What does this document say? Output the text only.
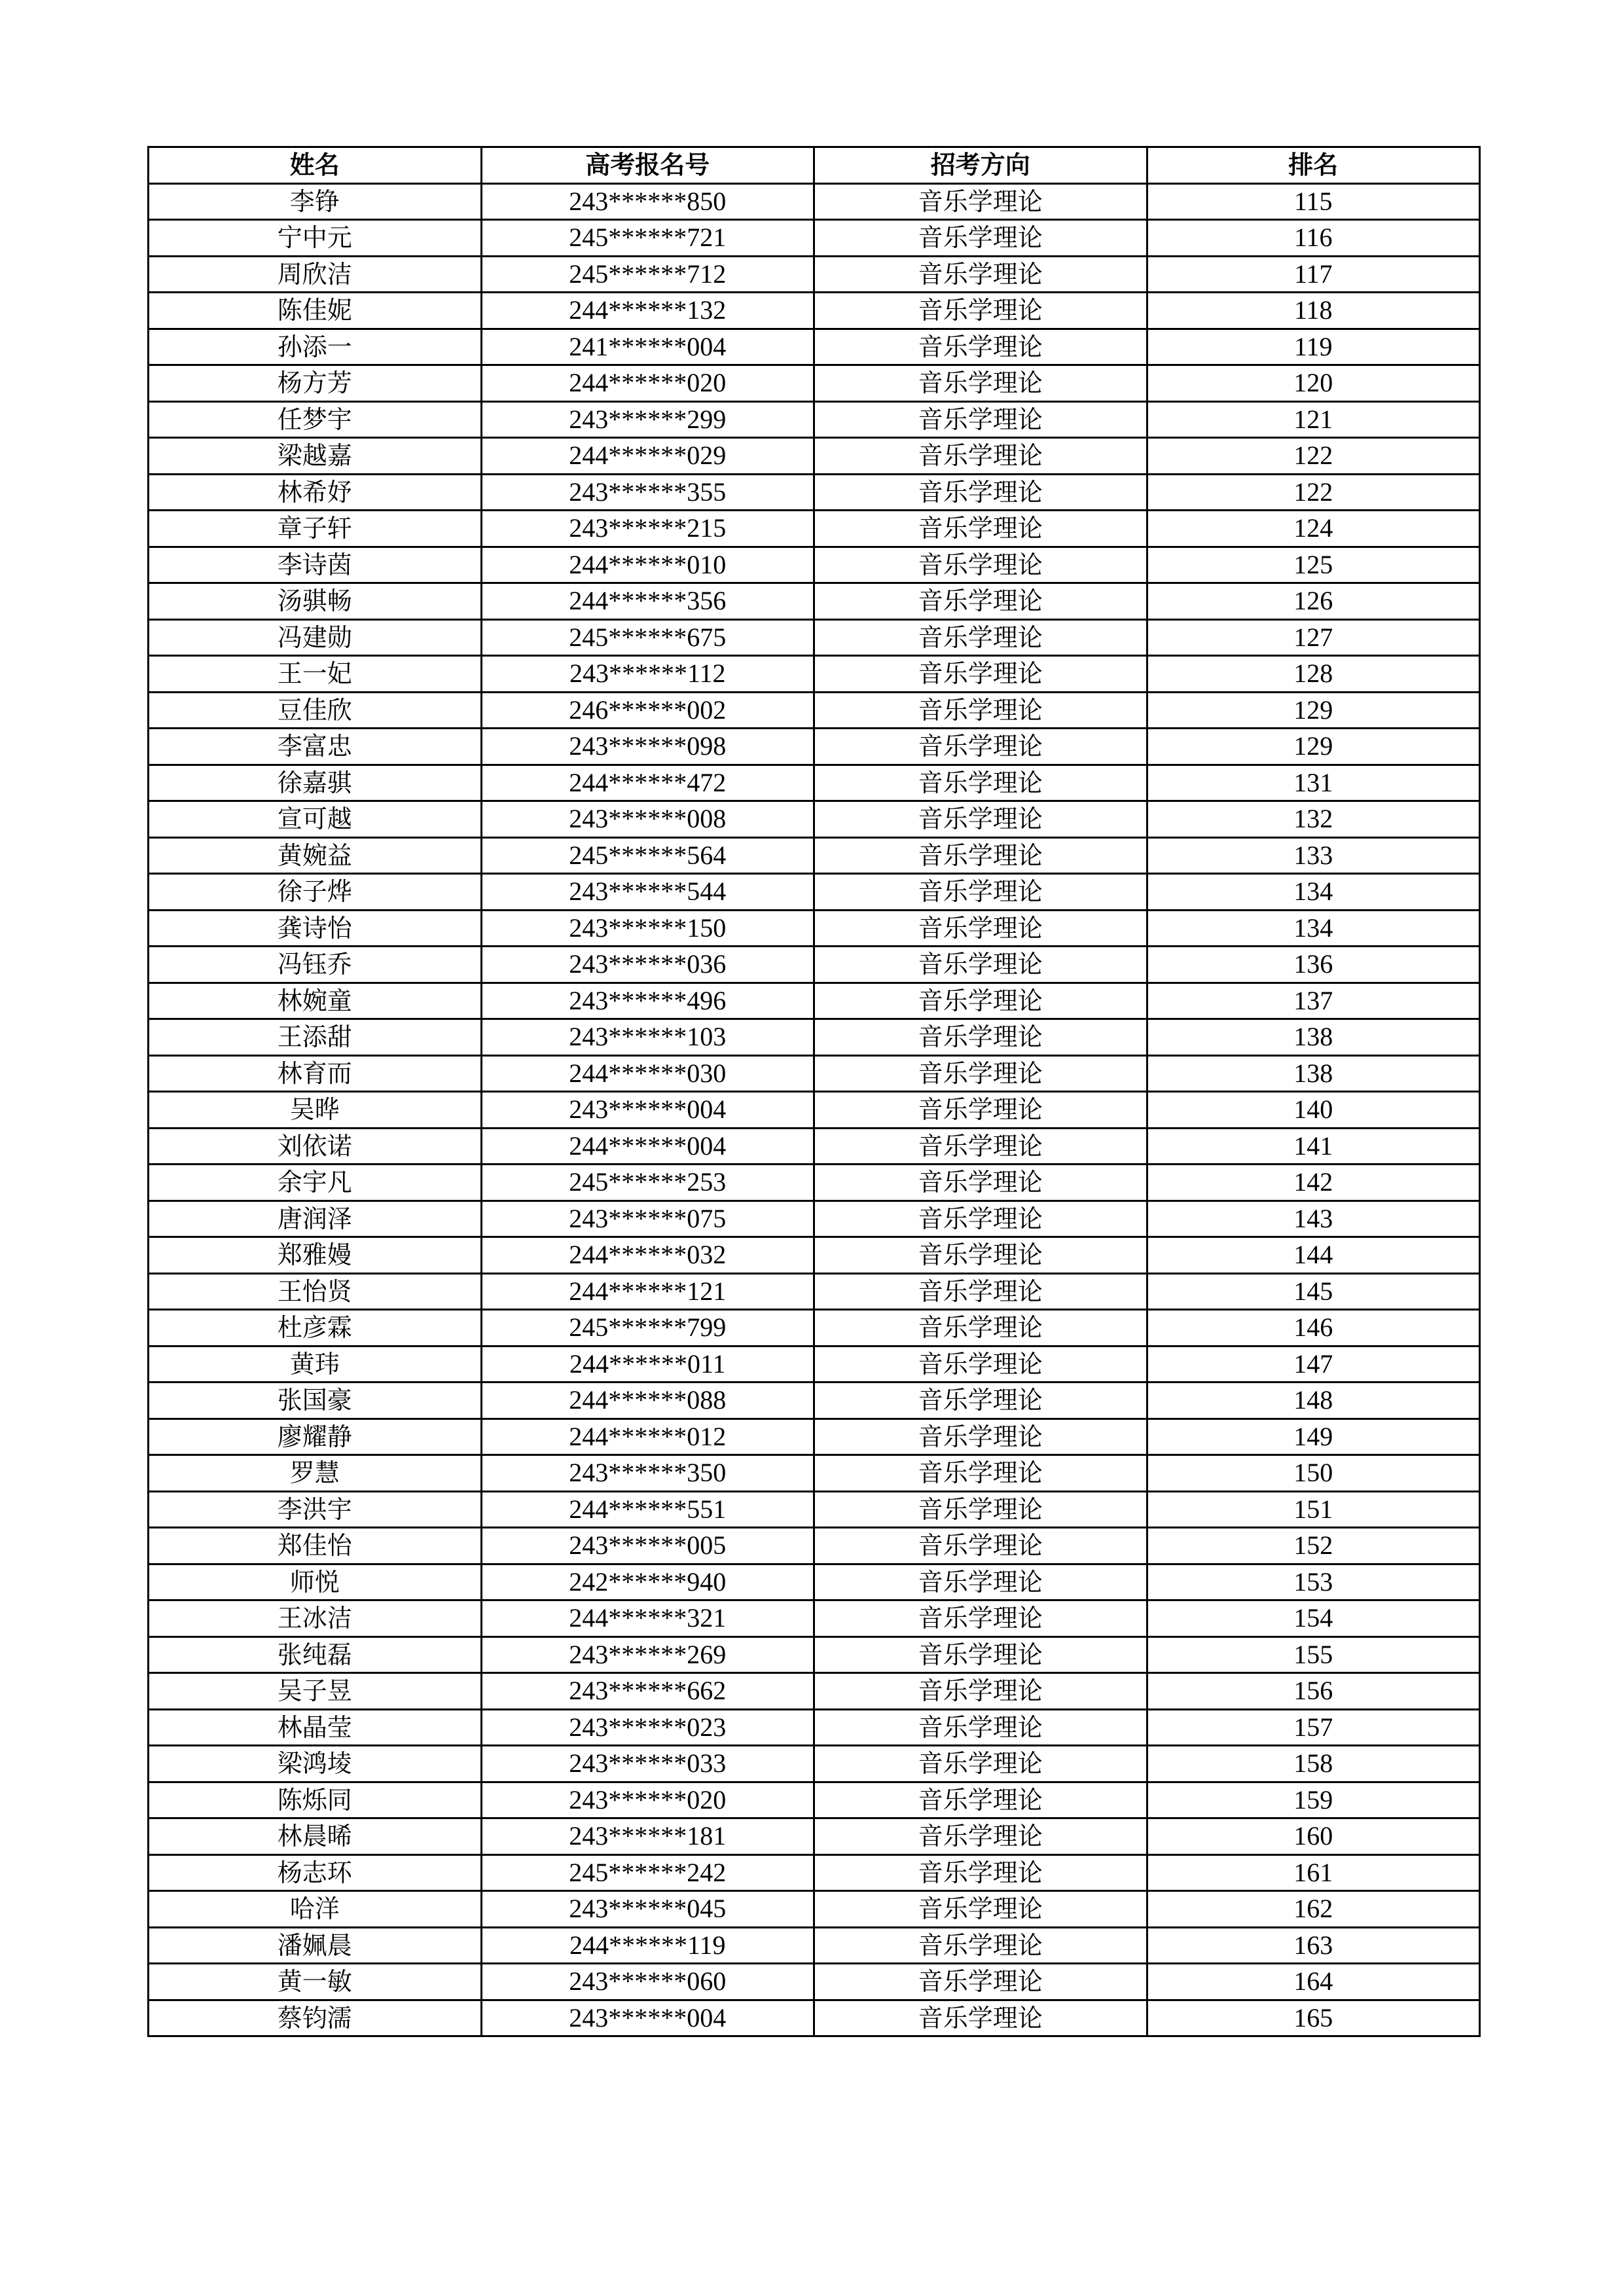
姓名	高考报名号	招考方向	排名
李铮	243******850	音乐学理论	115
宁中元	245******721	音乐学理论	116
周欣洁	245******712	音乐学理论	117
陈佳妮	244******132	音乐学理论	118
孙添一	241******004	音乐学理论	119
杨方芳	244******020	音乐学理论	120
任梦宇	243******299	音乐学理论	121
梁越嘉	244******029	音乐学理论	122
林希妤	243******355	音乐学理论	122
章子轩	243******215	音乐学理论	124
李诗茵	244******010	音乐学理论	125
汤骐畅	244******356	音乐学理论	126
冯建勋	245******675	音乐学理论	127
王一妃	243******112	音乐学理论	128
豆佳欣	246******002	音乐学理论	129
李富忠	243******098	音乐学理论	129
徐嘉骐	244******472	音乐学理论	131
宣可越	243******008	音乐学理论	132
黄婉益	245******564	音乐学理论	133
徐子烨	243******544	音乐学理论	134
龚诗怡	243******150	音乐学理论	134
冯钰乔	243******036	音乐学理论	136
林婉童	243******496	音乐学理论	137
王添甜	243******103	音乐学理论	138
林育而	244******030	音乐学理论	138
吴晔	243******004	音乐学理论	140
刘依诺	244******004	音乐学理论	141
余宇凡	245******253	音乐学理论	142
唐润泽	243******075	音乐学理论	143
郑雅嫚	244******032	音乐学理论	144
王怡贤	244******121	音乐学理论	145
杜彦霖	245******799	音乐学理论	146
黄玮	244******011	音乐学理论	147
张国豪	244******088	音乐学理论	148
廖耀静	244******012	音乐学理论	149
罗慧	243******350	音乐学理论	150
李洪宇	244******551	音乐学理论	151
郑佳怡	243******005	音乐学理论	152
师悦	242******940	音乐学理论	153
王冰洁	244******321	音乐学理论	154
张纯磊	243******269	音乐学理论	155
吴子昱	243******662	音乐学理论	156
林晶莹	243******023	音乐学理论	157
梁鸿堎	243******033	音乐学理论	158
陈烁同	243******020	音乐学理论	159
林晨晞	243******181	音乐学理论	160
杨志环	245******242	音乐学理论	161
哈洋	243******045	音乐学理论	162
潘姵晨	244******119	音乐学理论	163
黄一敏	243******060	音乐学理论	164
蔡钧濡	243******004	音乐学理论	165
